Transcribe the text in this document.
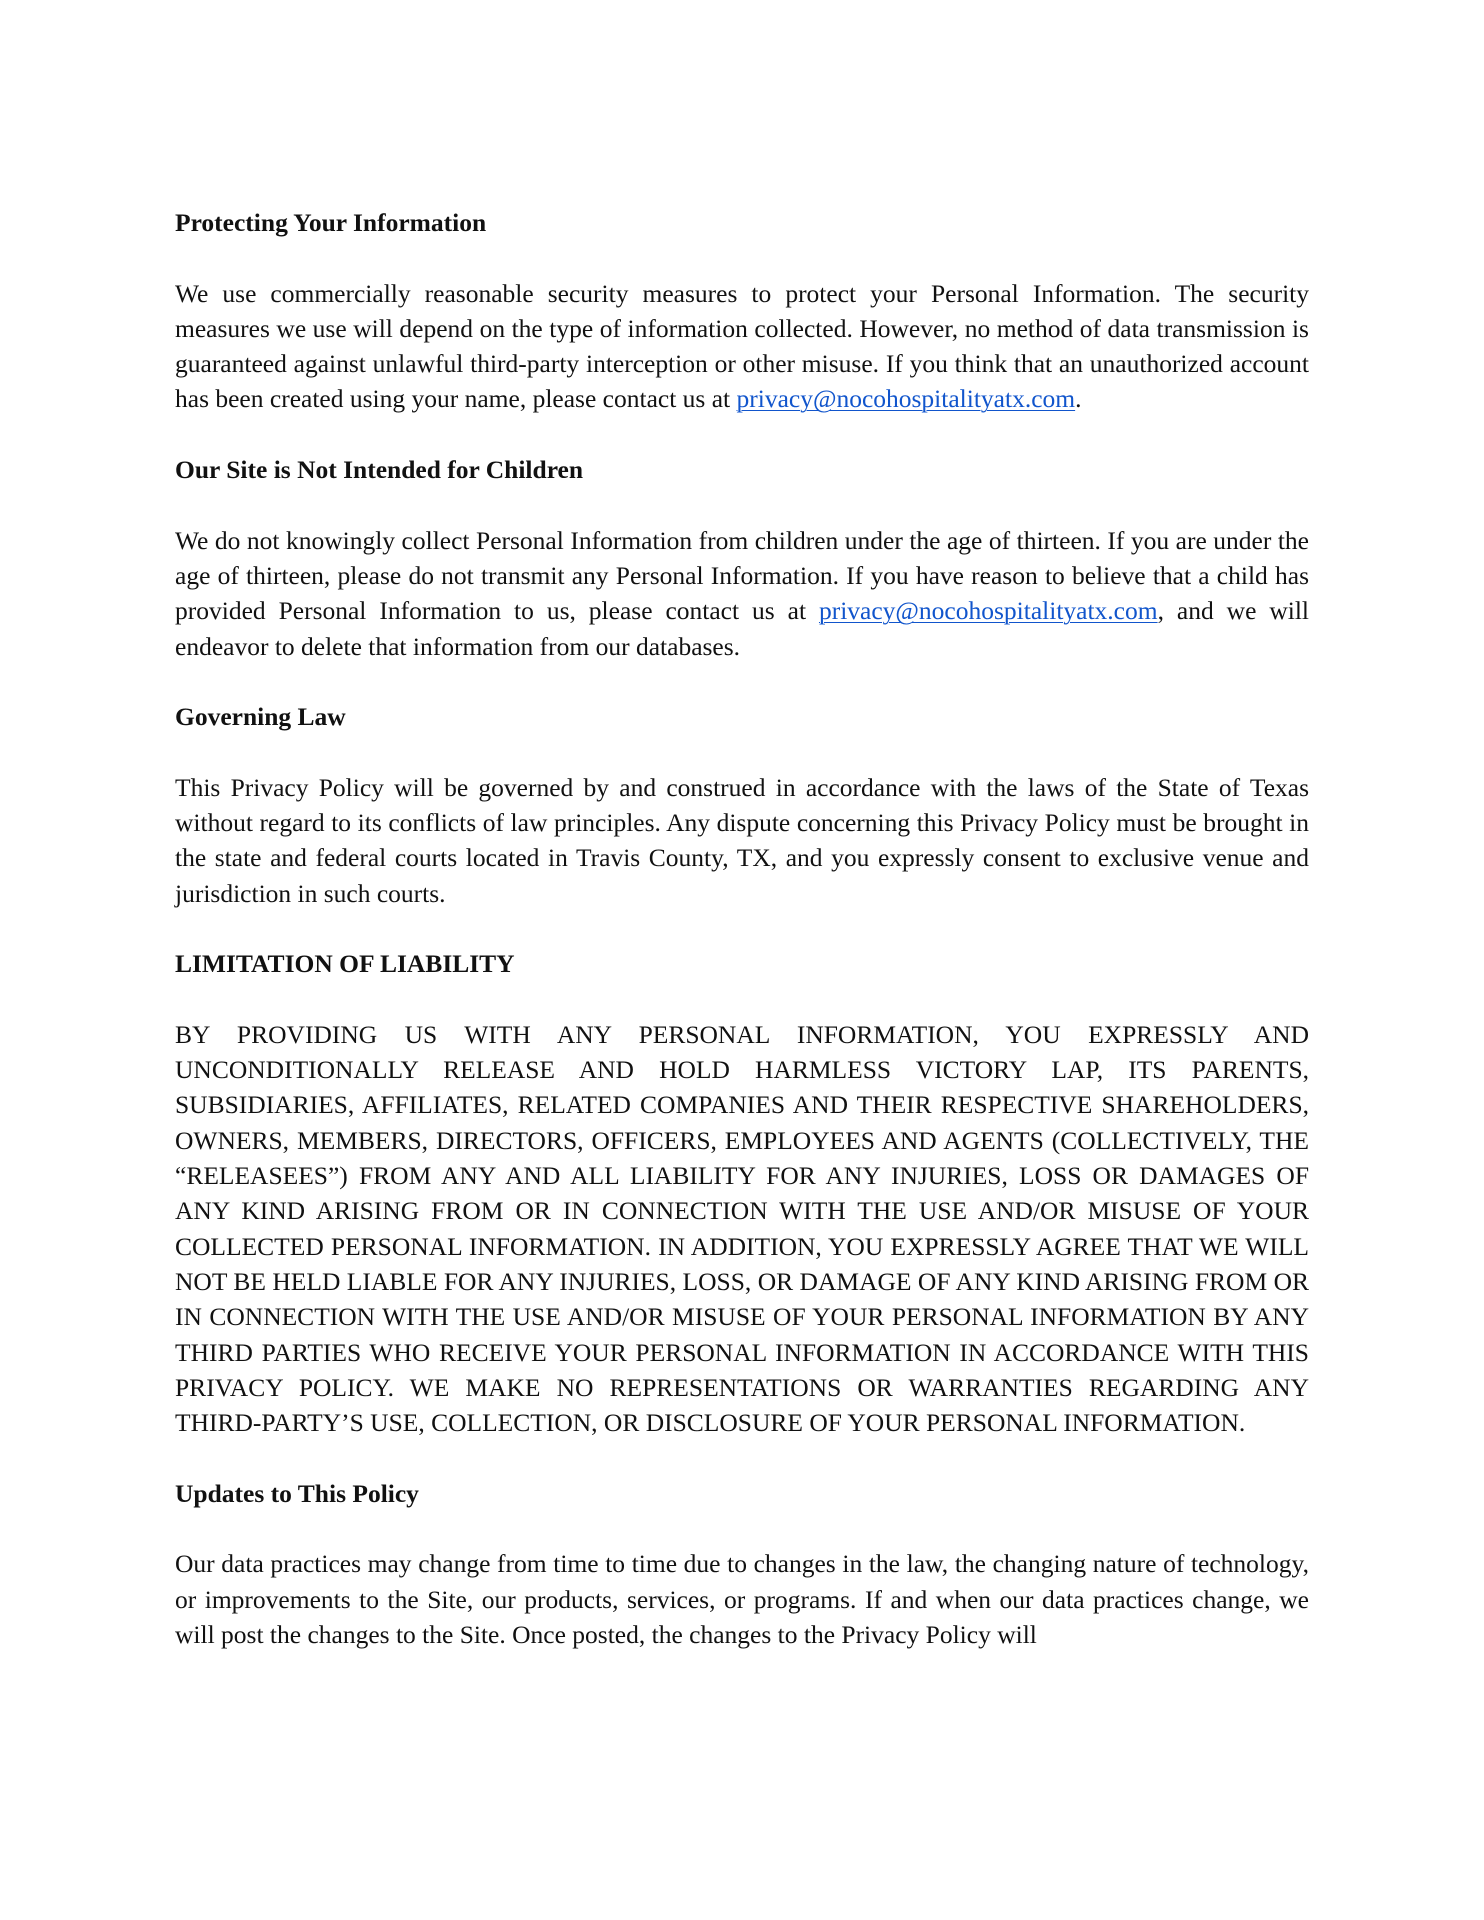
Protecting Your Information

We use commercially reasonable security measures to protect your Personal Information. The security measures we use will depend on the type of information collected. However, no method of data transmission is guaranteed against unlawful third-party interception or other misuse. If you think that an unauthorized account has been created using your name, please contact us at privacy@nocohospitalityatx.com.

Our Site is Not Intended for Children

We do not knowingly collect Personal Information from children under the age of thirteen. If you are under the age of thirteen, please do not transmit any Personal Information. If you have reason to believe that a child has provided Personal Information to us, please contact us at privacy@nocohospitalityatx.com, and we will endeavor to delete that information from our databases.

Governing Law

This Privacy Policy will be governed by and construed in accordance with the laws of the State of Texas without regard to its conflicts of law principles. Any dispute concerning this Privacy Policy must be brought in the state and federal courts located in Travis County, TX, and you expressly consent to exclusive venue and jurisdiction in such courts.

LIMITATION OF LIABILITY

BY PROVIDING US WITH ANY PERSONAL INFORMATION, YOU EXPRESSLY AND UNCONDITIONALLY RELEASE AND HOLD HARMLESS VICTORY LAP, ITS PARENTS, SUBSIDIARIES, AFFILIATES, RELATED COMPANIES AND THEIR RESPECTIVE SHAREHOLDERS, OWNERS, MEMBERS, DIRECTORS, OFFICERS, EMPLOYEES AND AGENTS (COLLECTIVELY, THE “RELEASEES”) FROM ANY AND ALL LIABILITY FOR ANY INJURIES, LOSS OR DAMAGES OF ANY KIND ARISING FROM OR IN CONNECTION WITH THE USE AND/OR MISUSE OF YOUR COLLECTED PERSONAL INFORMATION. IN ADDITION, YOU EXPRESSLY AGREE THAT WE WILL NOT BE HELD LIABLE FOR ANY INJURIES, LOSS, OR DAMAGE OF ANY KIND ARISING FROM OR IN CONNECTION WITH THE USE AND/OR MISUSE OF YOUR PERSONAL INFORMATION BY ANY THIRD PARTIES WHO RECEIVE YOUR PERSONAL INFORMATION IN ACCORDANCE WITH THIS PRIVACY POLICY. WE MAKE NO REPRESENTATIONS OR WARRANTIES REGARDING ANY THIRD-PARTY’S USE, COLLECTION, OR DISCLOSURE OF YOUR PERSONAL INFORMATION.

Updates to This Policy

Our data practices may change from time to time due to changes in the law, the changing nature of technology, or improvements to the Site, our products, services, or programs. If and when our data practices change, we will post the changes to the Site. Once posted, the changes to the Privacy Policy will
